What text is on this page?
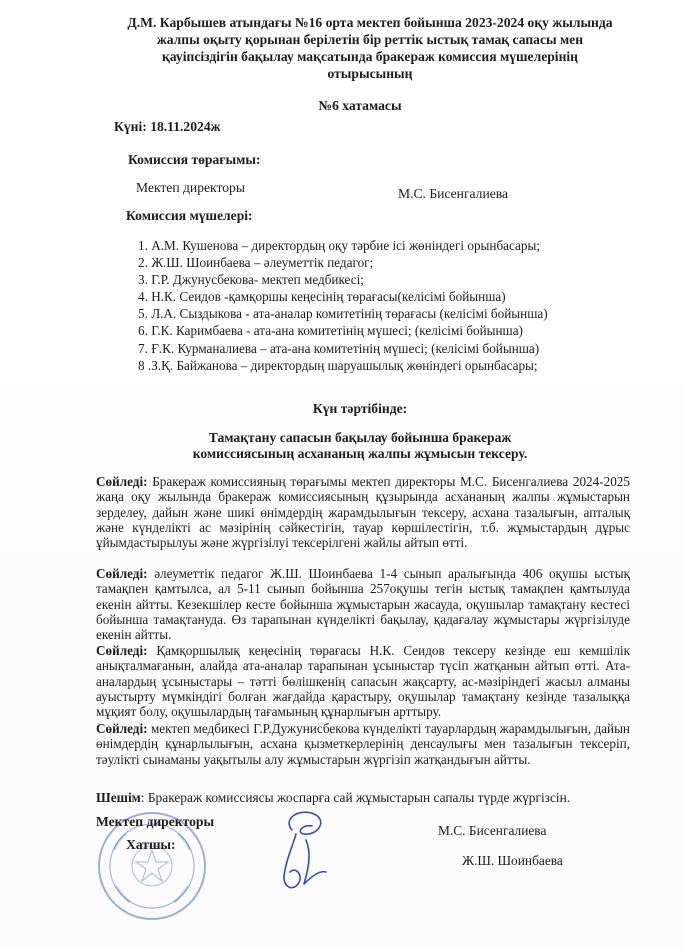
Д.М. Карбышев атындағы №16 орта мектеп бойынша 2023-2024 оқу жылында
жалпы оқыту қорынан берілетін бір реттік ыстық тамақ сапасы мен
қауіпсіздігін бақылау мақсатында бракераж комиссия мүшелерінің
отырысының
№6 хатамасы
Күні: 18.11.2024ж
Комиссия төрағымы:
Мектеп директоры	М.С. Бисенгалиева
Комиссия мүшелері:
1. А.М. Кушенова – директордың оқу тәрбие ісі жөніндегі орынбасары;
2. Ж.Ш. Шоинбаева – әлеуметтік педагог;
3. Г.Р. Джунусбекова- мектеп медбикесі;
4. Н.К. Сеидов -қамқоршы кеңесінің төрағасы(келісімі бойынша)
5. Л.А. Сыздыкова - ата-аналар комитетінің төрағасы (келісімі бойынша)
6. Г.К. Каримбаева - ата-ана комитетінің мүшесі; (келісімі бойынша)
7. Ғ.К. Курманалиева – ата-ана комитетінің мүшесі; (келісімі бойынша)
8 .З.Қ. Байжанова – директордың шаруашылық жөніндегі орынбасары;
Күн тәртібінде:
Тамақтану сапасын бақылау бойынша бракераж
комиссиясының асхананың жалпы жұмысын тексеру.
Сөйледі: Бракераж комиссияның төрағымы мектеп директоры М.С. Бисенгалиева 2024-2025 жаңа оқу жылында бракераж комиссиясының құзырында асхананың жалпы жұмыстарын зерделеу, дайын және шикі өнімдердің жарамдылығын тексеру, асхана тазалығын, апталық және күнделікті ас мәзірінің сәйкестігін, тауар көршілестігін, т.б. жұмыстардың дұрыс ұйымдастырылуы және жүргізілуі тексерілгені жайлы айтып өтті.
Сөйледі: әлеуметтік педагог Ж.Ш. Шоинбаева 1-4 сынып аралығында 406 оқушы ыстық тамақпен қамтылса, ал 5-11 сынып бойынша 257оқушы тегін ыстық тамақпен қамтылуда екенін айтты. Кезекшілер кесте бойынша жұмыстарын жасауда, оқушылар тамақтану кестесі бойынша тамақтануда. Өз тарапынан күнделікті бақылау, қадағалау жұмыстары жүргізілуде екенін айтты.
Сөйледі: Қамқоршылық кеңесінің төрағасы Н.К. Сеидов тексеру кезінде еш кемшілік анықталмағанын, алайда ата-аналар тарапынан ұсыныстар түсіп жатқанын айтып өтті. Ата-аналардың ұсыныстары – тәтті бөлішкенің сапасын жақсарту, ас-мәзіріндегі жасыл алманы ауыстырту мүмкіндігі болған жағдайда қарастыру, оқушылар тамақтану кезінде тазалыққа мұқият болу, оқушылардың тағамының құнарлығын арттыру.
Сөйледі: мектеп медбикесі Г.Р.Дужунисбекова күнделікті тауарлардың жарамдылығын, дайын өнімдердің құнарлылығын, асхана қызметкерлерінің денсаулығы мен тазалығын тексеріп, тәулікті сынаманы уақытылы алу жұмыстарын жүргізіп жатқандығын айтты.
Шешім: Бракераж комиссиясы жоспарға сай жұмыстарын сапалы түрде жүргізсін.
Мектеп директоры
Хатшы:
М.С. Бисенгалиева
Ж.Ш. Шоинбаева
